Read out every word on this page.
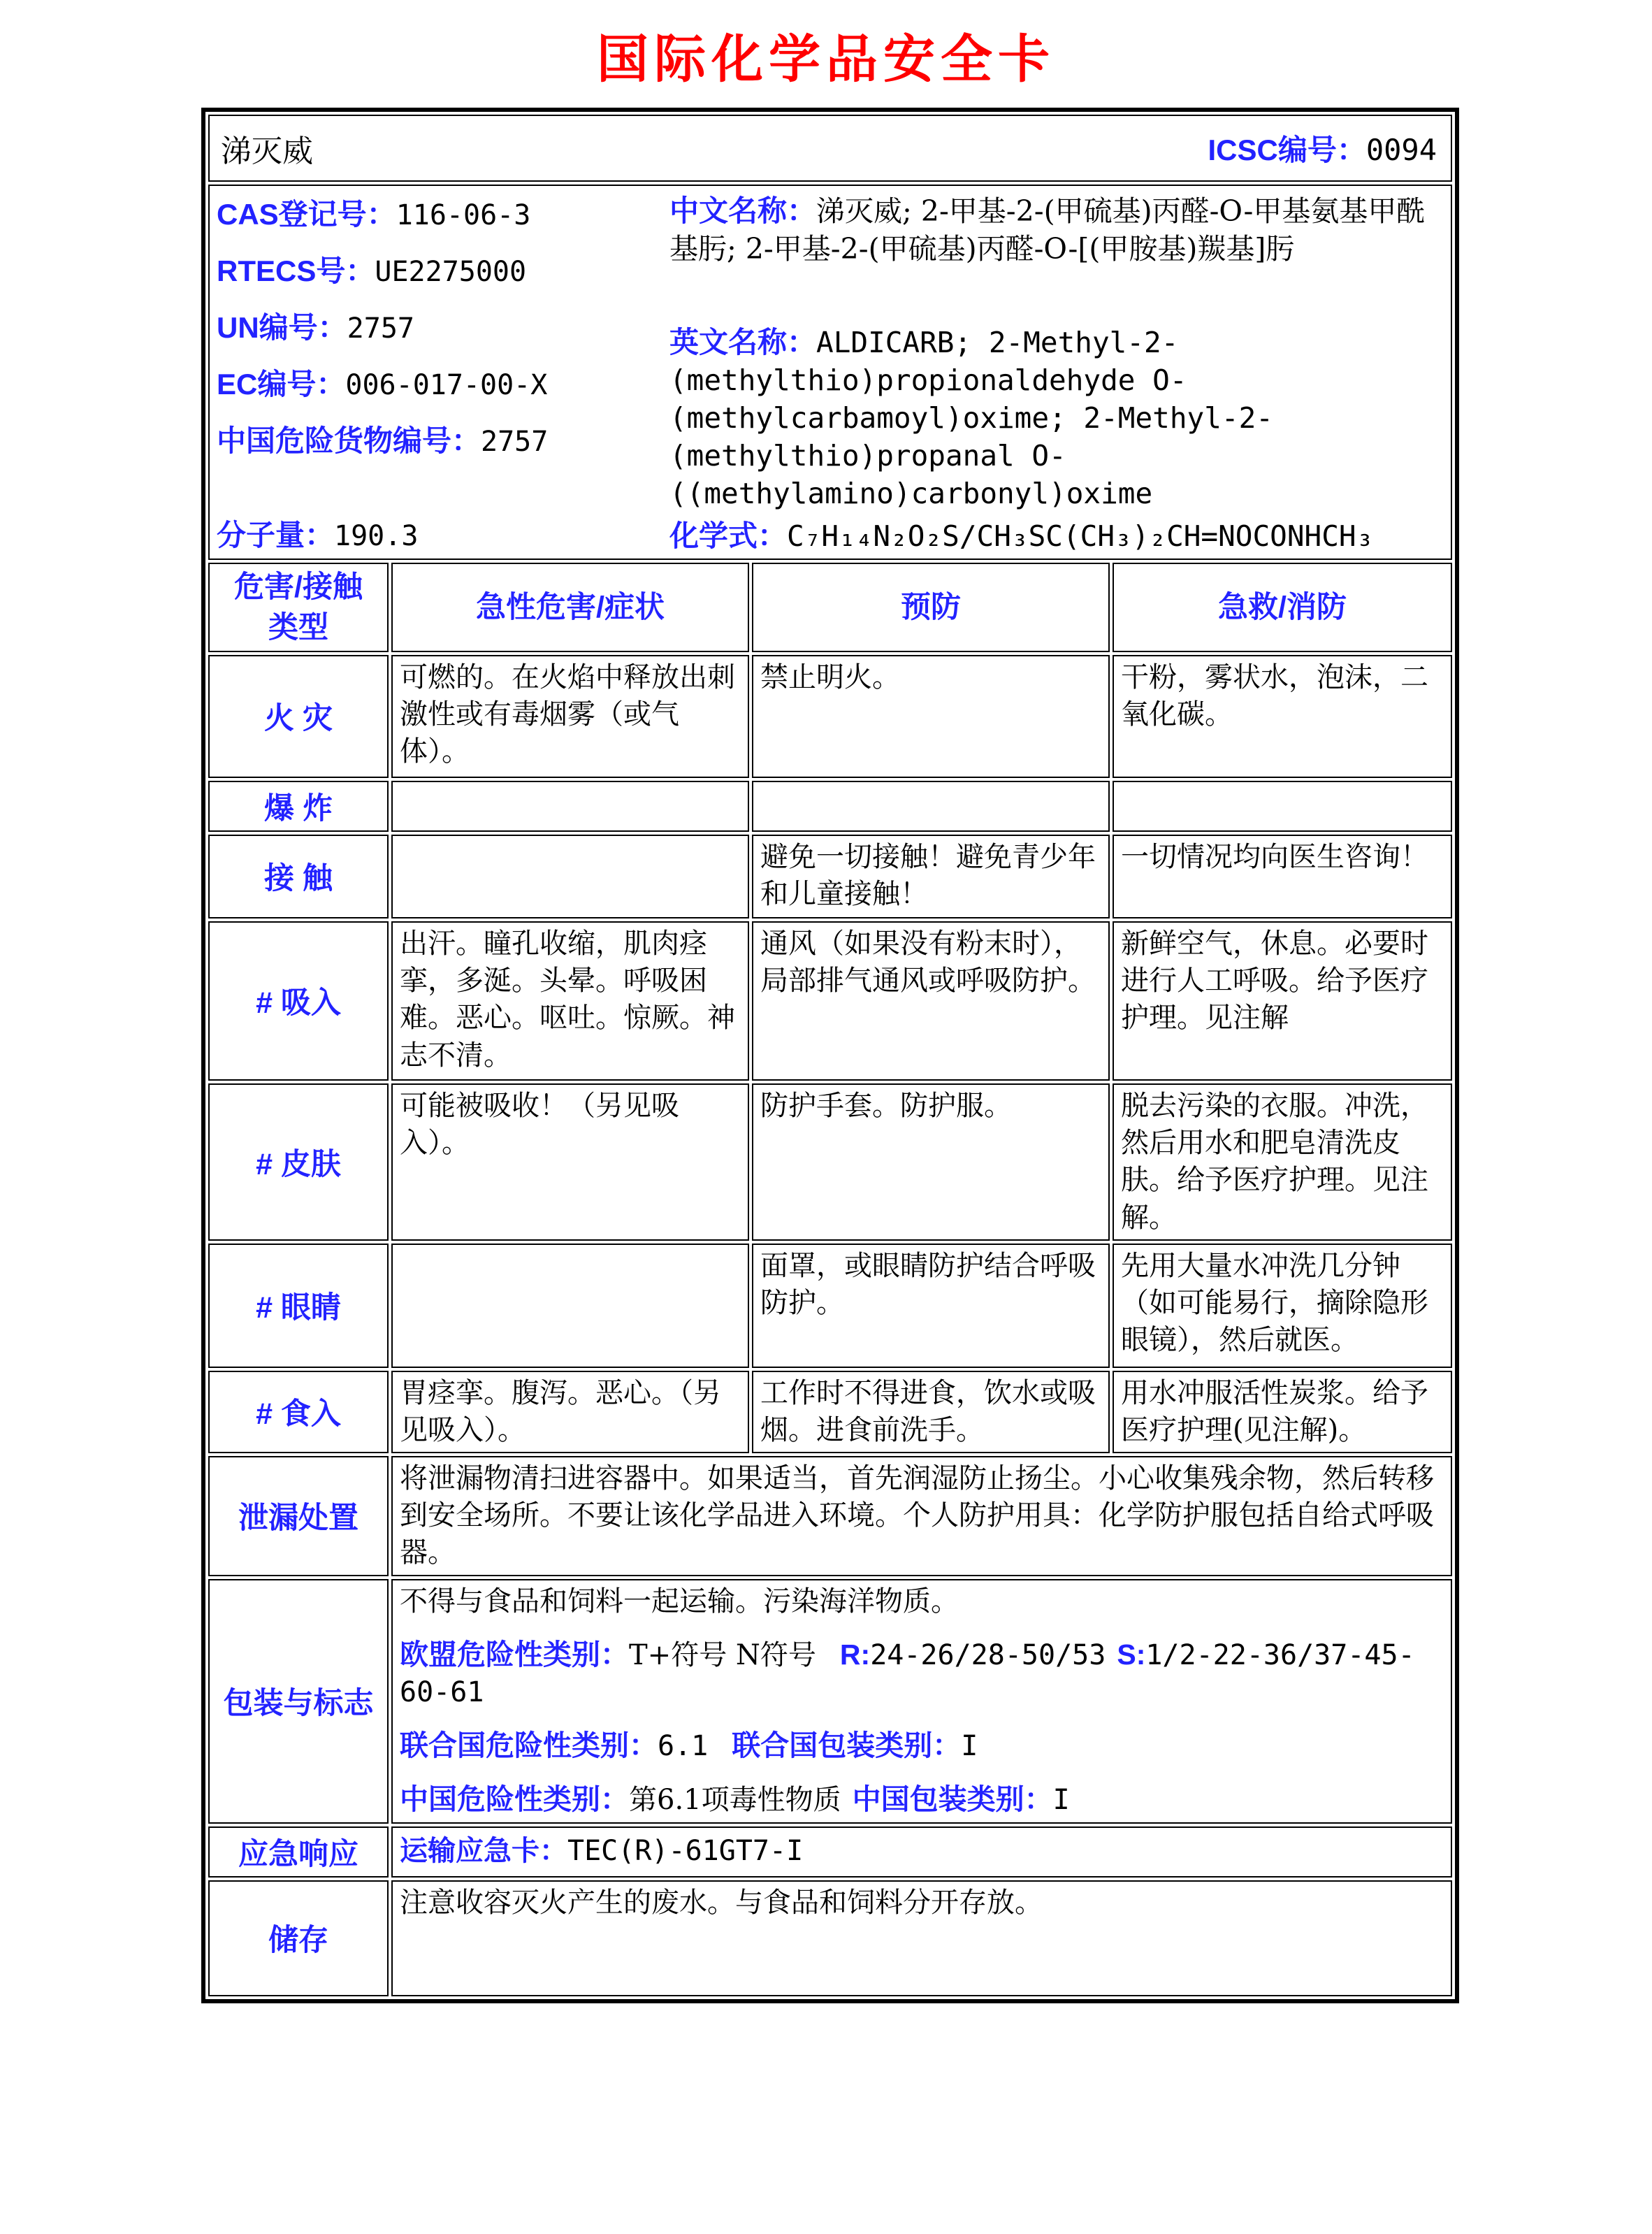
国际化学品安全卡
涕灭威 ICSC编号：0094			

CAS登记号：116-06-3
RTECS号：UE2275000
UN编号：2757
EC编号：006-017-00-X
中国危险货物编号：2757
分子量：190.3

中文名称：涕灭威; 2-甲基-2-(甲硫基)丙醛-O-甲基氨基甲酰基肟; 2-甲基-2-(甲硫基)丙醛-O-[(甲胺基)羰基]肟

英文名称：ALDICARB; 2-Methyl-2-(methylthio)propionaldehyde O-(methylcarbamoyl)oxime; 2-Methyl-2-(methylthio)propanal O-((methylamino)carbonyl)oxime

化学式：C₇H₁₄N₂O₂S/CH₃SC(CH₃)₂CH=NOCONHCH₃

危害/接触
类型	急性危害/症状	预防	急救/消防
火 灾	可燃的。在火焰中释放出刺激性或有毒烟雾（或气体）。	禁止明火。	干粉，雾状水，泡沫，二氧化碳。
爆 炸			
接 触		避免一切接触！避免青少年和儿童接触！	一切情况均向医生咨询！
# 吸入	出汗。瞳孔收缩，肌肉痉挛，多涎。头晕。呼吸困难。恶心。呕吐。惊厥。神志不清。	通风（如果没有粉末时），局部排气通风或呼吸防护。	新鲜空气，休息。必要时进行人工呼吸。给予医疗护理。见注解
# 皮肤	可能被吸收！（另见吸入）。	防护手套。防护服。	脱去污染的衣服。冲洗，然后用水和肥皂清洗皮肤。给予医疗护理。见注解。
# 眼睛		面罩，或眼睛防护结合呼吸防护。	先用大量水冲洗几分钟（如可能易行，摘除隐形眼镜），然后就医。
# 食入	胃痉挛。腹泻。恶心。（另见吸入）。	工作时不得进食，饮水或吸烟。进食前洗手。	用水冲服活性炭浆。给予医疗护理(见注解)。
泄漏处置	将泄漏物清扫进容器中。如果适当，首先润湿防止扬尘。小心收集残余物，然后转移到安全场所。不要让该化学品进入环境。个人防护用具：化学防护服包括自给式呼吸器。		
包装与标志	不得与食品和饲料一起运输。污染海洋物质。
欧盟危险性类别：T+符号 N符号 R:24-26/28-50/53 S:1/2-22-36/37-45-60-61
联合国危险性类别：6.1 联合国包装类别：I
中国危险性类别：第6.1项毒性物质 中国包装类别：I		

应急响应	运输应急卡：TEC(R)-61GT7-I		

储存	注意收容灭火产生的废水。与食品和饲料分开存放。		
